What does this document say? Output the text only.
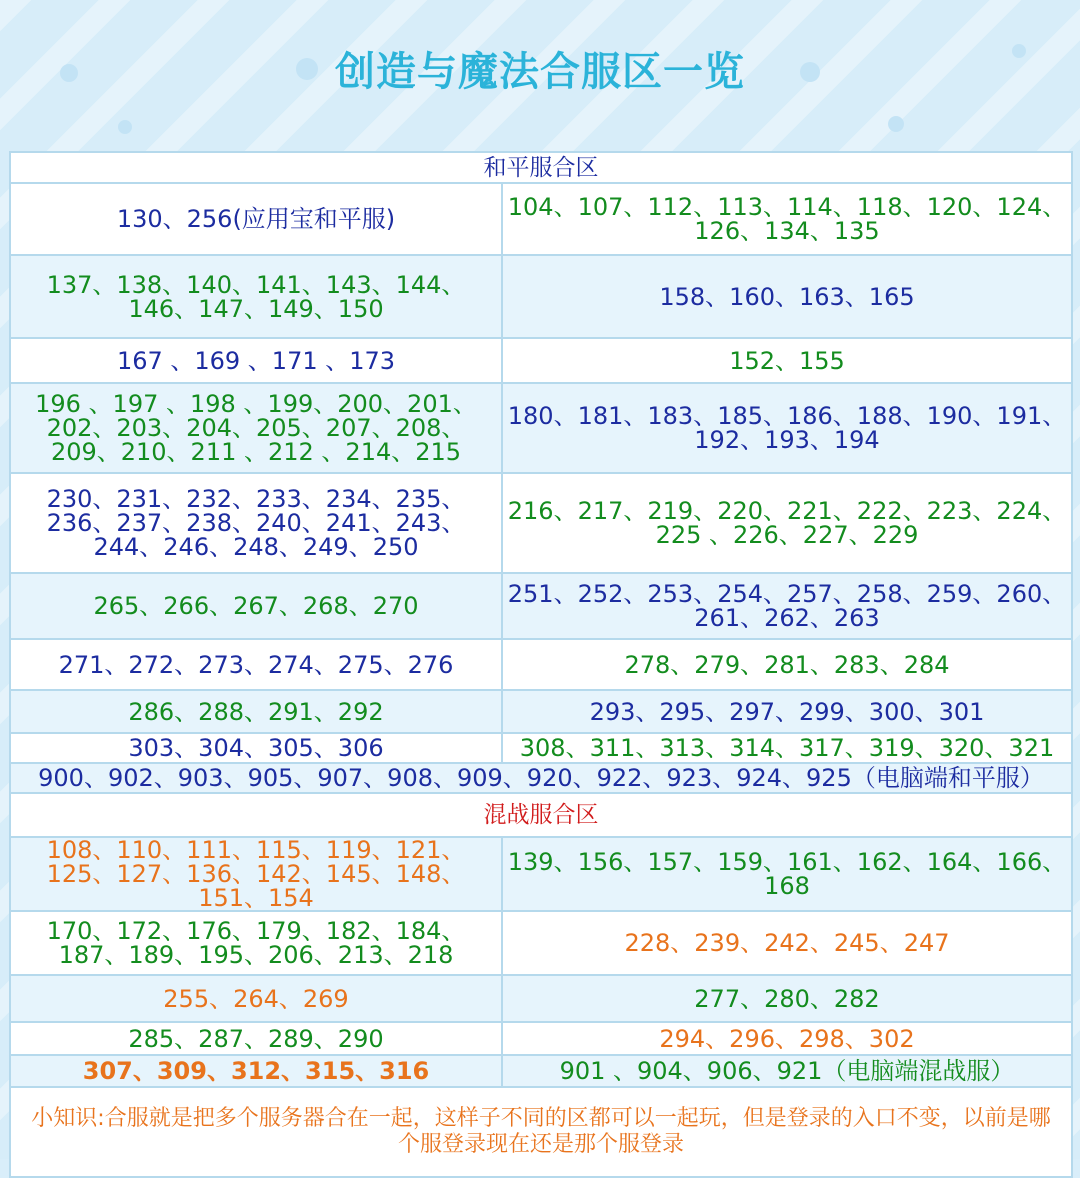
创造与魔法合服区一览
和平服合区	
130、256(应用宝和平服)	104、107、112、113、114、118、120、124、126、134、135
137、138、140、141、143、144、146、147、149、150	158、160、163、165
167 、169 、171 、173	152、155
196 、197 、198 、199、200、201、202、203、204、205、207、208、209、210、211 、212 、214、215	180、181、183、185、186、188、190、191、192、193、194
230、231、232、233、234、235、236、237、238、240、241、243、244、246、248、249、250	216、217、219、220、221、222、223、224、225 、226、227、229
265、266、267、268、270	251、252、253、254、257、258、259、260、261、262、263
271、272、273、274、275、276	278、279、281、283、284
286、288、291、292	293、295、297、299、300、301
303、304、305、306	308、311、313、314、317、319、320、321
900、902、903、905、907、908、909、920、922、923、924、925（电脑端和平服）	
混战服合区	
108、110、111、115、119、121、125、127、136、142、145、148、151、154	139、156、157、159、161、162、164、166、168
170、172、176、179、182、184、187、189、195、206、213、218	228、239、242、245、247
255、264、269	277、280、282
285、287、289、290	294、296、298、302
307、309、312、315、316	901 、904、906、921（电脑端混战服）
小知识:合服就是把多个服务器合在一起，这样子不同的区都可以一起玩，但是登录的入口不变，以前是哪个服登录现在还是那个服登录	
